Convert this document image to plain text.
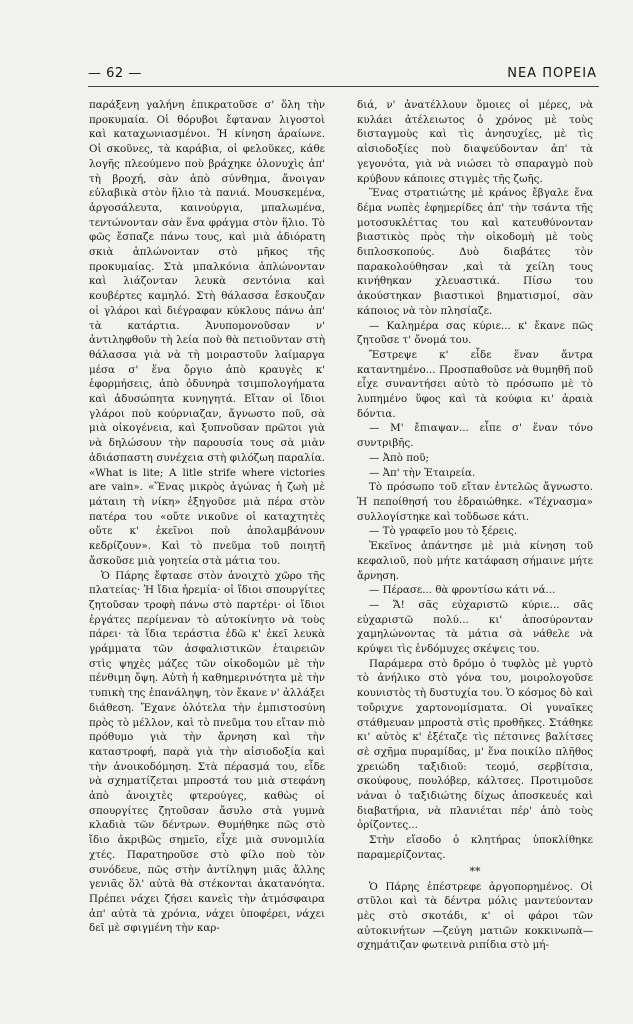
— 62 —	ΝΕΑ ΠΟΡΕΙΑ

παράξενη γαλήνη ἐπικρατοῦσε σ' ὅλη τὴν προκυμαία. Οἱ θόρυβοι ἔφταναν λιγοστοὶ καὶ καταχωνιασμένοι. Ἡ κίνηση ἀραίωνε. Οἱ σκοῦνες, τὰ καράβια, οἱ φελοῦκες, κάθε λογῆς πλεούμενο ποὺ βράχηκε ὁλονυχὶς ἀπ' τὴ βροχή, σὰν ἀπὸ σύνθημα, ἄνοιγαν εὐλαβικὰ στὸν ἥλιο τὰ πανιά. Μουσκεμένα, ἀργοσάλευτα, καινούργια, μπαλωμένα, τεντώνονταν σὰν ἕνα φράγμα στὸν ἥλιο. Τὸ φῶς ἔσπαζε πάνω τους, καὶ μιὰ ἀδιόρατη σκιὰ ἁπλώνονταν στὸ μῆκος τῆς προκυμαίας. Στὰ μπαλκόνια ἁπλώνονταν καὶ λιάζονταν λευκὰ σεντόνια καὶ κουβέρτες καμηλό. Στὴ θάλασσα ἔσκουζαν οἱ γλάροι καὶ διέγραφαν κύκλους πάνω ἀπ' τὰ κατάρτια. Ἀνυπομονοῦσαν ν' ἀντιληφθοῦν τὴ λεία ποὺ θὰ πετιοῦνταν στὴ θάλασσα γιὰ νὰ τὴ μοιραστοῦν λαίμαργα μέσα σ' ἕνα ὄργιο ἀπὸ κραυγὲς κ' ἐφορμήσεις, ἀπὸ ὀδυνηρὰ τσιμπολογήματα καὶ ἀδυσώπητα κυνηγητά. Εἴταν οἱ ἴδιοι γλάροι ποὺ κούρνιαζαν, ἄγνωστο ποῦ, σὰ μιὰ οἰκογένεια, καὶ ξυπνοῦσαν πρῶτοι γιὰ νὰ δηλώσουν τὴν παρουσία τους σὰ μιὰν ἀδιάσπαστη συνέχεια στὴ φιλόζωη παραλία. «What is lite; A litle strife where victories are vain». «Ἕνας μικρὸς ἀγώνας ἡ ζωὴ μὲ μάταιη τὴ νίκη» ἐξηγοῦσε μιὰ πέρα στὸν πατέρα του «οὔτε νικοῦνε οἱ καταχτητὲς οὔτε κ' ἐκεῖνοι ποὺ ἀπολαμβάνουν κεδρίζουν». Καὶ τὸ πνεῦμα τοῦ ποιητῆ ἄσκοῦσε μιὰ γοητεία στὰ μάτια του.

Ὁ Πάρης ἔφτασε στὸν ἀνοιχτὸ χῶρο τῆς πλατείας· Ἡ ἴδια ἠρεμία· οἱ ἴδιοι σπουργίτες ζητοῦσαν τροφὴ πάνω στὸ παρτέρι· οἱ ἴδιοι ἐργάτες περίμεναν τὸ αὐτοκίνητο νὰ τοὺς πάρει· τὰ ἴδια τεράστια ἐδῶ κ' ἐκεῖ λευκὰ γράμματα τῶν ἀσφαλιστικῶν ἑταιρειῶν στὶς ψηχὲς μάζες τῶν οἰκοδομῶν μὲ τὴν πένθιμη ὄψη. Αὐτὴ ἡ καθημερινότητα μὲ τὴν τυπικὴ της ἐπανάληψη, τὸν ἔκανε ν' ἀλλάξει διάθεση. Ἔχανε ὁλότελα τὴν ἐμπιστοσύνη πρὸς τὸ μέλλον, καὶ τὸ πνεῦμα του εἴταν πιὸ πρόθυμο γιὰ τὴν ἄρνηση καὶ τὴν καταστροφή, παρὰ γιὰ τὴν αἰσιοδοξία καὶ τὴν ἀνοικοδόμηση. Στὰ πέρασμά του, εἶδε νὰ σχηματίζεται μπροστά του μιὰ στεφάνη ἀπὸ ἀνοιχτὲς φτερούγες, καθὼς οἱ σπουργίτες ζητοῦσαν ἄσυλο στὰ γυμνὰ κλαδιὰ τῶν δέντρων. Θυμήθηκε πῶς στὸ ἴδιο ἀκριβῶς σημεῖο, εἶχε μιὰ συνομιλία χτές. Παρατηροῦσε στὸ φίλο ποὺ τὸν συνόδευε, πῶς στὴν ἀντίληψη μιᾶς ἄλλης γενιᾶς ὅλ' αὐτὰ θὰ στέκονται ἀκατανόητα. Πρέπει νάχει ζήσει κανεὶς τὴν ἀτμόσφαιρα ἀπ' αὐτὰ τὰ χρόνια, νάχει ὑποφέρει, νάχει δεῖ μὲ σφιγμένη τὴν καρ-

διά, ν' ἀνατέλλουν ὅμοιες οἱ μέρες, νὰ κυλάει ἀτέλειωτος ὁ χρόνος μὲ τοὺς δισταγμοὺς καὶ τὶς ἀνησυχίες, μὲ τὶς αἰσιοδοξίες ποὺ διαψεύδονταν ἀπ' τὰ γεγονότα, γιὰ νὰ νιώσει τὸ σπαραγμὸ ποὺ κρύβουν κάποιες στιγμὲς τῆς ζωῆς.

Ἕνας στρατιώτης μὲ κράνος ἔβγαλε ἕνα δέμα νωπὲς ἐφημερίδες ἀπ' τὴν τσάντα τῆς μοτοσυκλέττας του καὶ κατευθύνονταν βιαστικὸς πρὸς τὴν οἰκοδομὴ μὲ τοὺς διπλοσκοπούς. Δυὸ διαβάτες τὸν παρακολούθησαν ,καὶ τὰ χείλη τους κινήθηκαν χλευαστικά. Πίσω του ἀκούστηκαν βιαστικοὶ βηματισμοί, σὰν κάποιος νὰ τὸν πλησίαζε.

— Καλημέρα σας κύριε... κ' ἔκανε πῶς ζητοῦσε τ' ὄνομά του.

Ἔστρεψε κ' εἶδε ἕναν ἄντρα καταντημένο... Προσπαθοῦσε νὰ θυμηθῆ ποῦ εἶχε συναντήσει αὐτὸ τὸ πρόσωπο μὲ τὸ λυπημένο ὕφος καὶ τὰ κούφια κι' ἀραιὰ δόντια.

— Μ' ἔπιαψαν... εἶπε σ' ἕναν τόνο συντριβῆς.

— Ἀπὸ ποῦ;

— Ἀπ' τὴν Ἑταιρεία.

Τὸ πρόσωπο τοῦ εἴταν ἐντελῶς ἄγνωστο. Ἡ πεποίθησή του ἑδραιώθηκε. «Τέχνασμα» συλλογίστηκε καὶ τοὔδωσε κάτι.

— Τὸ γραφεῖο μου τὸ ξέρεις.

Ἐκεῖνος ἀπάντησε μὲ μιὰ κίνηση τοῦ κεφαλιοῦ, ποὺ μήτε κατάφαση σήμαινε μήτε ἄρνηση.

— Πέρασε... θὰ φροντίσω κάτι νά...

— Ἄ! σᾶς εὐχαριστῶ κύριε... σᾶς εὐχαριστῶ πολύ... κι' ἀποσύρονταν χαμηλώνοντας τὰ μάτια σὰ νάθελε νὰ κρύψει τὶς ἐνδόμυχες σκέψεις του.

Παράμερα στὸ δρόμο ὁ τυφλὸς μὲ γυρτὸ τὸ ἀνήλικο στὸ γόνα του, μοιρολογοῦσε κουνιστὸς τὴ δυστυχία του. Ὁ κόσμος δὸ καὶ τοὔριχνε χαρτονομίσματα. Οἱ γυναῖκες στάθμευαν μπροστὰ στὶς προθῆκες. Στάθηκε κι' αὐτὸς κ' ἐξέταζε τὶς πέτσινες βαλίτσες σὲ σχῆμα πυραμίδας, μ' ἕνα ποικίλο πλῆθος χρειώδη ταξιδιοῦ: τεομό, σερβίτσια, σκούφους, πουλόβερ, κάλτσες. Προτιμοῦσε νάναι ὁ ταξιδιώτης δίχως ἀποσκευές καὶ διαβατήρια, νὰ πλανιέται πέρ' ἀπὸ τοὺς ὁρίζοντες...

Στὴν εἴσοδο ὁ κλητήρας ὑποκλίθηκε παραμερίζοντας.

**

Ὁ Πάρης ἐπέστρεφε ἀργοπορημένος. Οἱ στῦλοι καὶ τὰ δέντρα μόλις μαντεύονταν μὲς στὸ σκοτάδι, κ' οἱ φάροι τῶν αὐτοκινήτων —ζεύγη ματιῶν κοκκινωπὰ— σχημάτιζαν φωτεινὰ ριπίδια στὸ μή-
